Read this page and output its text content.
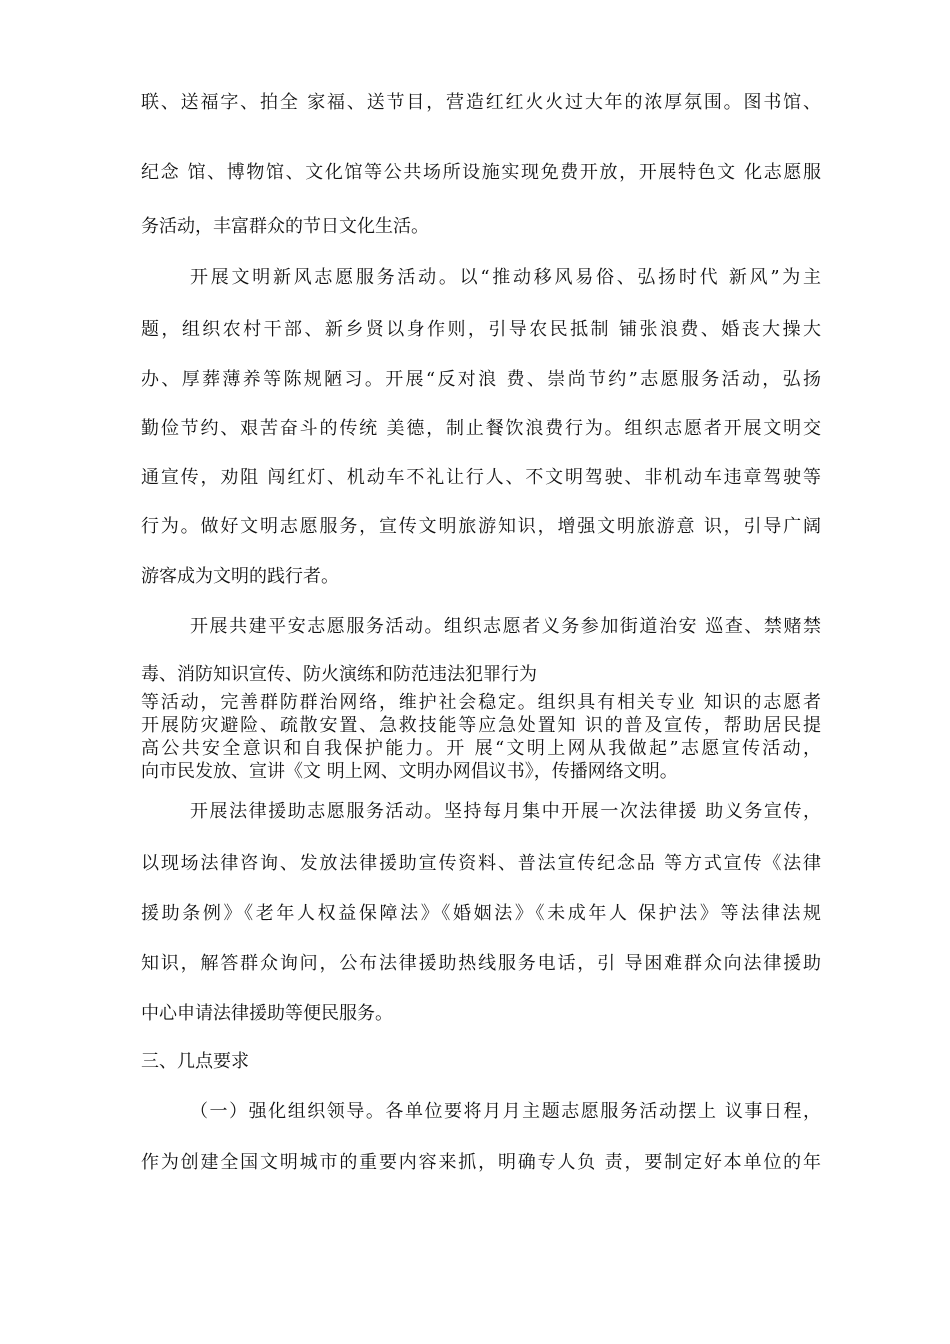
联、送福字、拍全 家福、送节目，营造红红火火过大年的浓厚氛围。图书馆、
纪念 馆、博物馆、文化馆等公共场所设施实现免费开放，开展特色文 化志愿服
务活动，丰富群众的节日文化生活。
开展文明新风志愿服务活动。以“推动移风易俗、弘扬时代 新风”为主
题，组织农村干部、新乡贤以身作则，引导农民抵制 铺张浪费、婚丧大操大
办、厚葬薄养等陈规陋习。开展“反对浪 费、崇尚节约”志愿服务活动，弘扬
勤俭节约、艰苦奋斗的传统 美德，制止餐饮浪费行为。组织志愿者开展文明交
通宣传，劝阻 闯红灯、机动车不礼让行人、不文明驾驶、非机动车违章驾驶等
行为。做好文明志愿服务，宣传文明旅游知识，增强文明旅游意 识，引导广阔
游客成为文明的践行者。
开展共建平安志愿服务活动。组织志愿者义务参加街道治安 巡查、禁赌禁
毒、消防知识宣传、防火演练和防范违法犯罪行为
等活动，完善群防群治网络，维护社会稳定。组织具有相关专业 知识的志愿者
开展防灾避险、疏散安置、急救技能等应急处置知 识的普及宣传，帮助居民提
高公共安全意识和自我保护能力。开 展“文明上网从我做起”志愿宣传活动，
向市民发放、宣讲《文 明上网、文明办网倡议书》，传播网络文明。
开展法律援助志愿服务活动。坚持每月集中开展一次法律援 助义务宣传，
以现场法律咨询、发放法律援助宣传资料、普法宣传纪念品 等方式宣传《法律
援助条例》《老年人权益保障法》《婚姻法》《未成年人 保护法》等法律法规
知识，解答群众询问，公布法律援助热线服务电话，引 导困难群众向法律援助
中心申请法律援助等便民服务。
三、几点要求
（一）强化组织领导。各单位要将月月主题志愿服务活动摆上 议事日程，
作为创建全国文明城市的重要内容来抓，明确专人负 责，要制定好本单位的年
